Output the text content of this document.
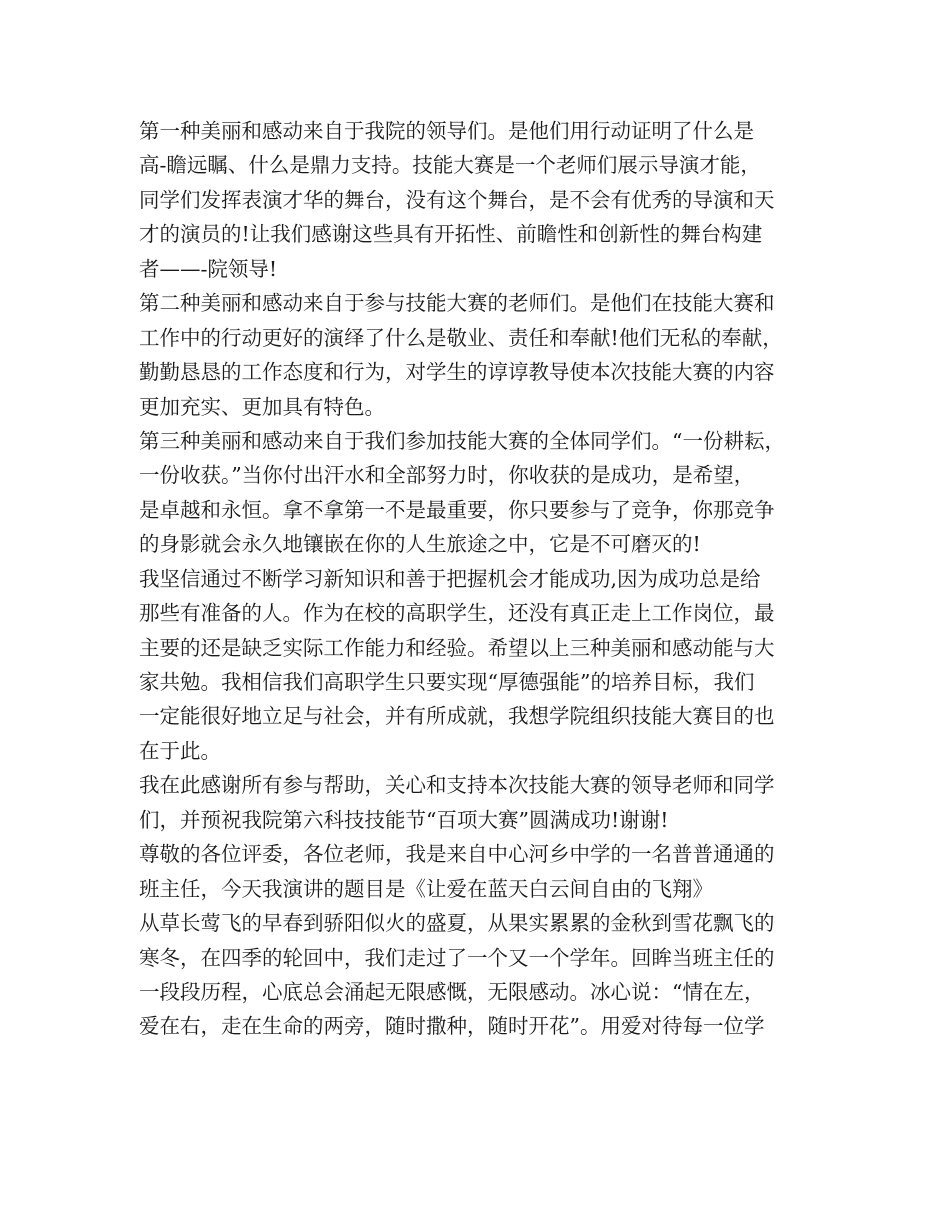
第一种美丽和感动来自于我院的领导们。是他们用行动证明了什么是
高-瞻远瞩、什么是鼎力支持。技能大赛是一个老师们展示导演才能，
同学们发挥表演才华的舞台，没有这个舞台，是不会有优秀的导演和天
才的演员的!让我们感谢这些具有开拓性、前瞻性和创新性的舞台构建
者——-院领导!
第二种美丽和感动来自于参与技能大赛的老师们。是他们在技能大赛和
工作中的行动更好的演绎了什么是敬业、责任和奉献!他们无私的奉献，
勤勤恳恳的工作态度和行为，对学生的谆谆教导使本次技能大赛的内容
更加充实、更加具有特色。
第三种美丽和感动来自于我们参加技能大赛的全体同学们。“一份耕耘，
一份收获。”当你付出汗水和全部努力时，你收获的是成功，是希望，
是卓越和永恒。拿不拿第一不是最重要，你只要参与了竞争，你那竞争
的身影就会永久地镶嵌在你的人生旅途之中，它是不可磨灭的!
我坚信通过不断学习新知识和善于把握机会才能成功,因为成功总是给
那些有准备的人。作为在校的高职学生，还没有真正走上工作岗位，最
主要的还是缺乏实际工作能力和经验。希望以上三种美丽和感动能与大
家共勉。我相信我们高职学生只要实现“厚德强能”的培养目标，我们
一定能很好地立足与社会，并有所成就，我想学院组织技能大赛目的也
在于此。
我在此感谢所有参与帮助，关心和支持本次技能大赛的领导老师和同学
们，并预祝我院第六科技技能节“百项大赛”圆满成功!谢谢!
尊敬的各位评委，各位老师，我是来自中心河乡中学的一名普普通通的
班主任，今天我演讲的题目是《让爱在蓝天白云间自由的飞翔》
从草长莺飞的早春到骄阳似火的盛夏，从果实累累的金秋到雪花飘飞的
寒冬，在四季的轮回中，我们走过了一个又一个学年。回眸当班主任的
一段段历程，心底总会涌起无限感慨，无限感动。冰心说：“情在左，
爱在右，走在生命的两旁，随时撒种，随时开花”。用爱对待每一位学
